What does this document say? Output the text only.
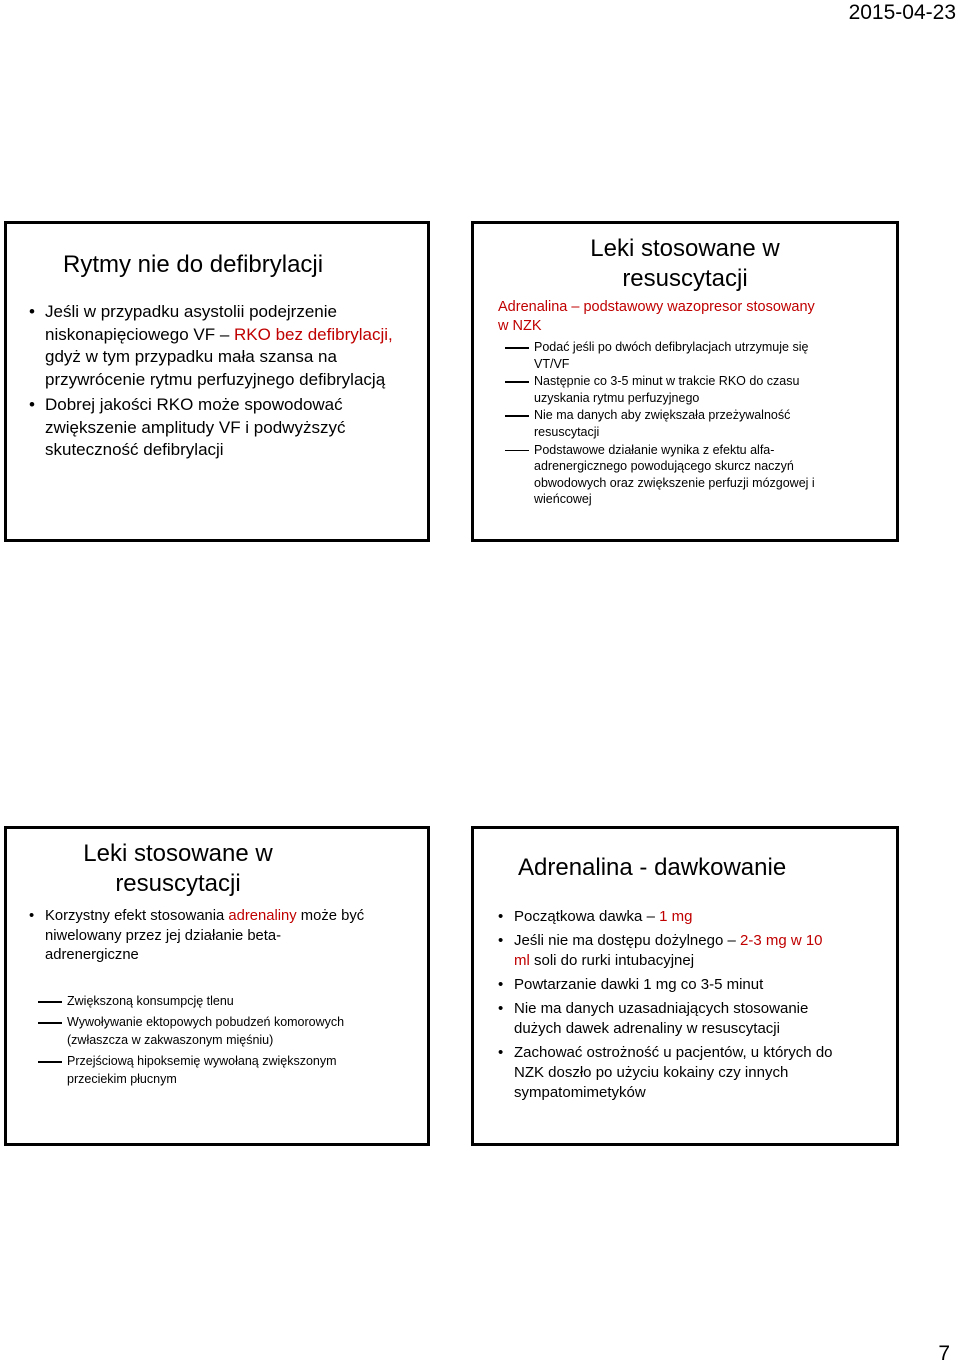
2015-04-23
Rytmy nie do defibrylacji
• Jeśli w przypadku asystolii podejrzenie
niskonapięciowego VF – RKO bez defibrylacji,
gdyż w tym przypadku mała szansa na
przywrócenie rytmu perfuzyjnego defibrylacją
• Dobrej jakości RKO może spowodować
zwiększenie amplitudy VF i podwyższyć
skuteczność defibrylacji
Leki stosowane w
resuscytacji
Adrenalina – podstawowy wazopresor stosowany
w NZK
Podać jeśli po dwóch defibrylacjach utrzymuje się
VT/VF
Następnie co 3-5 minut w trakcie RKO do czasu
uzyskania rytmu perfuzyjnego
Nie ma danych aby zwiększała przeżywalność
resuscytacji
Podstawowe działanie wynika z efektu alfa-
adrenergicznego powodującego skurcz naczyń
obwodowych oraz zwiększenie perfuzji mózgowej i
wieńcowej
Leki stosowane w
resuscytacji
• Korzystny efekt stosowania adrenaliny może być
niwelowany przez jej działanie beta-
adrenergiczne
Zwiększoną konsumpcję tlenu
Wywoływanie ektopowych pobudzeń komorowych
(zwłaszcza w zakwaszonym mięśniu)
Przejściową hipoksemię wywołaną zwiększonym
przeciekim płucnym
Adrenalina - dawkowanie
• Początkowa dawka – 1 mg
• Jeśli nie ma dostępu dożylnego – 2-3 mg w 10
ml soli do rurki intubacyjnej
• Powtarzanie dawki 1 mg co 3-5 minut
• Nie ma danych uzasadniających stosowanie
dużych dawek adrenaliny w resuscytacji
• Zachować ostrożność u pacjentów, u których do
NZK doszło po użyciu kokainy czy innych
sympatomimetyków
7
